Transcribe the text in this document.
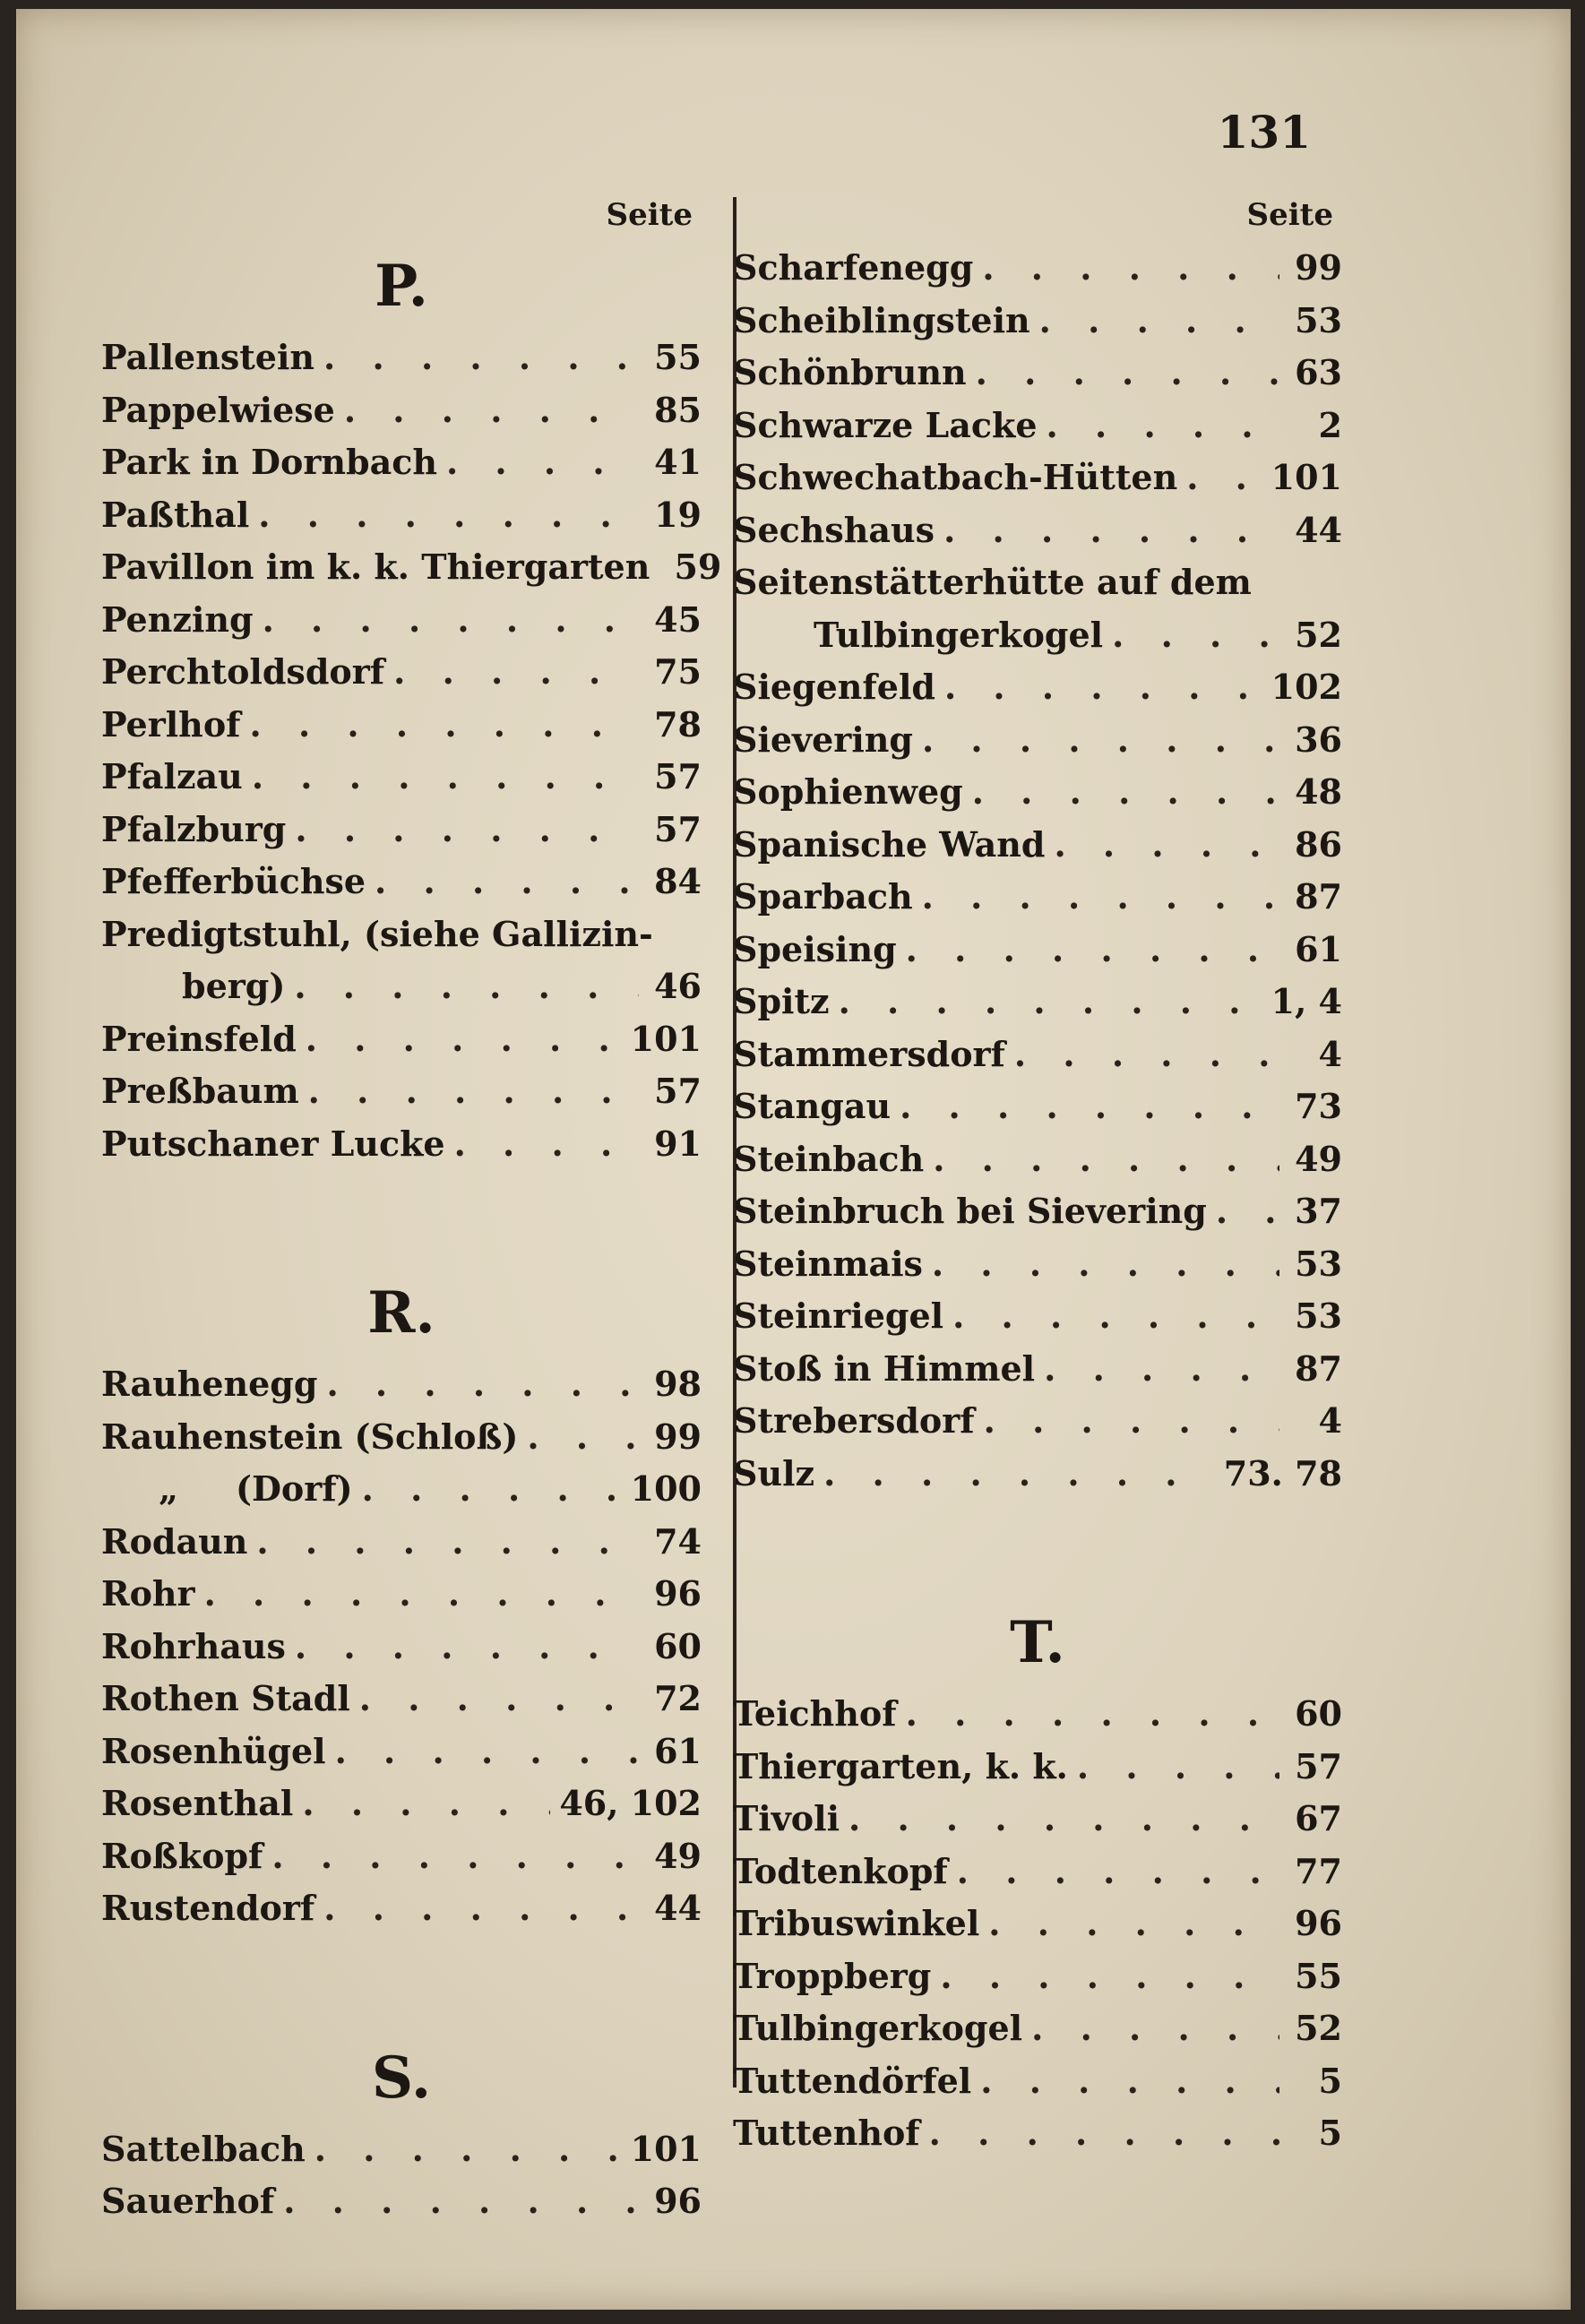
131
Seite
P.
Pallenstein . . .	55
Pappelwiese . . .	85
Park in Dornbach . . .	41
Paßthal . . .	19
Pavillon im k. k. Thiergarten 59
Penzing . . .	45
Perchtoldsdorf . . .	75
Perlhof . . .	78
Pfalzau . . .	57
Pfalzburg . . .	57
Pfefferbüchse . . .	84
Predigtstuhl, (siehe Gallizin-
berg) . . .	46
Preinsfeld . . .	101
Preßbaum . . .	57
Putschaner Lucke . . .	91
R.
Rauhenegg . . .	98
Rauhenstein (Schloß) . . .	99
„ (Dorf) . . .	100
Rodaun . . .	74
Rohr . . .	96
Rohrhaus . . .	60
Rothen Stadl . . .	72
Rosenhügel . . .	61
Rosenthal . . .	46, 102
Roßkopf . . .	49
Rustendorf . . .	44
S.
Sattelbach . . .	101
Sauerhof . . .	96
Seite
Scharfenegg . . .	99
Scheiblingstein . . .	53
Schönbrunn . . .	63
Schwarze Lacke . . .	2
Schwechatbach-Hütten . . .	101
Sechshaus . . .	44
Seitenstätterhütte auf dem
Tulbingerkogel . . .	52
Siegenfeld . . .	102
Sievering . . .	36
Sophienweg . . .	48
Spanische Wand . . .	86
Sparbach . . .	87
Speising . . .	61
Spitz . . .	1, 4
Stammersdorf . . .	4
Stangau . . .	73
Steinbach . . .	49
Steinbruch bei Sievering . . .	37
Steinmais . . .	53
Steinriegel . . .	53
Stoß in Himmel . . .	87
Strebersdorf . . .	4
Sulz . . .	73. 78
T.
Teichhof . . .	60
Thiergarten, k. k. . . .	57
Tivoli . . .	67
Todtenkopf . . .	77
Tribuswinkel . . .	96
Troppberg . . .	55
Tulbingerkogel . . .	52
Tuttendörfel . . .	5
Tuttenhof . . .	5
